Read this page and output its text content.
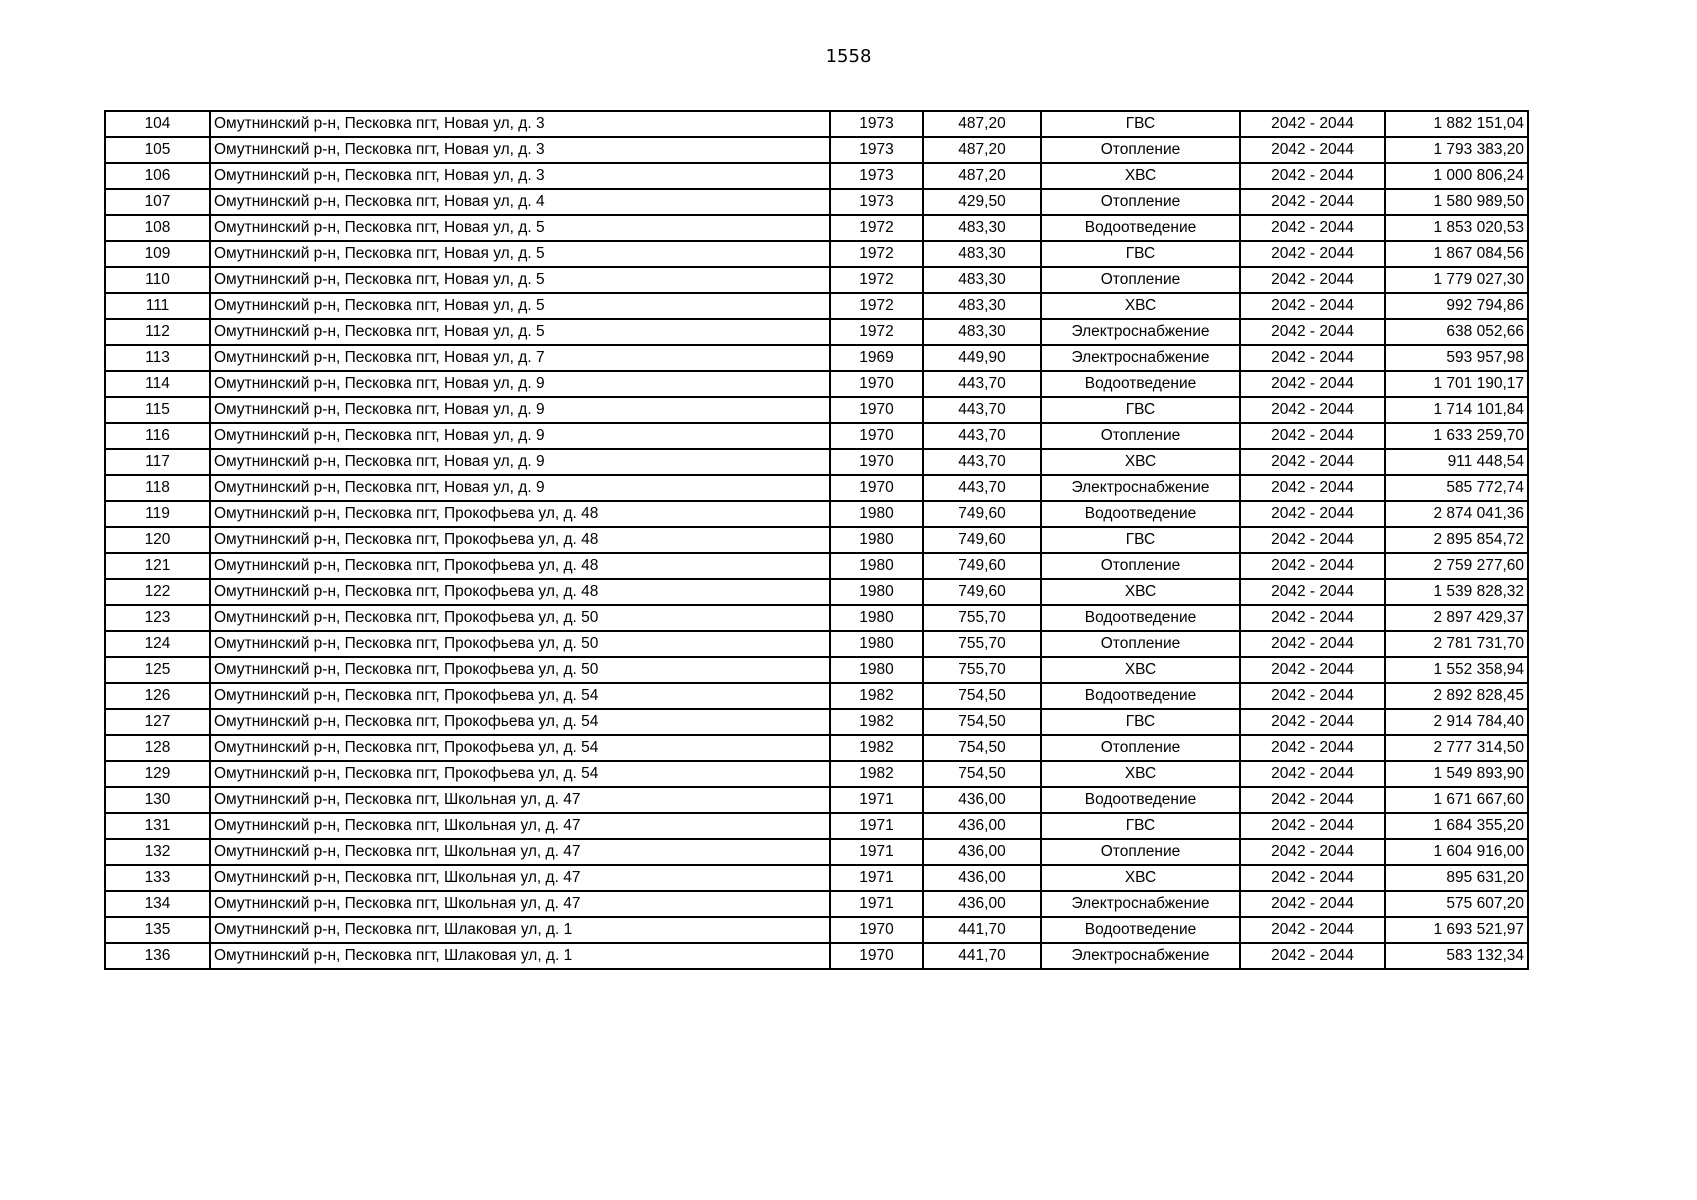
1558
104	Омутнинский р-н, Песковка пгт, Новая ул, д. 3	1973	487,20	ГВС	2042 - 2044	1 882 151,04
105	Омутнинский р-н, Песковка пгт, Новая ул, д. 3	1973	487,20	Отопление	2042 - 2044	1 793 383,20
106	Омутнинский р-н, Песковка пгт, Новая ул, д. 3	1973	487,20	ХВС	2042 - 2044	1 000 806,24
107	Омутнинский р-н, Песковка пгт, Новая ул, д. 4	1973	429,50	Отопление	2042 - 2044	1 580 989,50
108	Омутнинский р-н, Песковка пгт, Новая ул, д. 5	1972	483,30	Водоотведение	2042 - 2044	1 853 020,53
109	Омутнинский р-н, Песковка пгт, Новая ул, д. 5	1972	483,30	ГВС	2042 - 2044	1 867 084,56
110	Омутнинский р-н, Песковка пгт, Новая ул, д. 5	1972	483,30	Отопление	2042 - 2044	1 779 027,30
111	Омутнинский р-н, Песковка пгт, Новая ул, д. 5	1972	483,30	ХВС	2042 - 2044	992 794,86
112	Омутнинский р-н, Песковка пгт, Новая ул, д. 5	1972	483,30	Электроснабжение	2042 - 2044	638 052,66
113	Омутнинский р-н, Песковка пгт, Новая ул, д. 7	1969	449,90	Электроснабжение	2042 - 2044	593 957,98
114	Омутнинский р-н, Песковка пгт, Новая ул, д. 9	1970	443,70	Водоотведение	2042 - 2044	1 701 190,17
115	Омутнинский р-н, Песковка пгт, Новая ул, д. 9	1970	443,70	ГВС	2042 - 2044	1 714 101,84
116	Омутнинский р-н, Песковка пгт, Новая ул, д. 9	1970	443,70	Отопление	2042 - 2044	1 633 259,70
117	Омутнинский р-н, Песковка пгт, Новая ул, д. 9	1970	443,70	ХВС	2042 - 2044	911 448,54
118	Омутнинский р-н, Песковка пгт, Новая ул, д. 9	1970	443,70	Электроснабжение	2042 - 2044	585 772,74
119	Омутнинский р-н, Песковка пгт, Прокофьева ул, д. 48	1980	749,60	Водоотведение	2042 - 2044	2 874 041,36
120	Омутнинский р-н, Песковка пгт, Прокофьева ул, д. 48	1980	749,60	ГВС	2042 - 2044	2 895 854,72
121	Омутнинский р-н, Песковка пгт, Прокофьева ул, д. 48	1980	749,60	Отопление	2042 - 2044	2 759 277,60
122	Омутнинский р-н, Песковка пгт, Прокофьева ул, д. 48	1980	749,60	ХВС	2042 - 2044	1 539 828,32
123	Омутнинский р-н, Песковка пгт, Прокофьева ул, д. 50	1980	755,70	Водоотведение	2042 - 2044	2 897 429,37
124	Омутнинский р-н, Песковка пгт, Прокофьева ул, д. 50	1980	755,70	Отопление	2042 - 2044	2 781 731,70
125	Омутнинский р-н, Песковка пгт, Прокофьева ул, д. 50	1980	755,70	ХВС	2042 - 2044	1 552 358,94
126	Омутнинский р-н, Песковка пгт, Прокофьева ул, д. 54	1982	754,50	Водоотведение	2042 - 2044	2 892 828,45
127	Омутнинский р-н, Песковка пгт, Прокофьева ул, д. 54	1982	754,50	ГВС	2042 - 2044	2 914 784,40
128	Омутнинский р-н, Песковка пгт, Прокофьева ул, д. 54	1982	754,50	Отопление	2042 - 2044	2 777 314,50
129	Омутнинский р-н, Песковка пгт, Прокофьева ул, д. 54	1982	754,50	ХВС	2042 - 2044	1 549 893,90
130	Омутнинский р-н, Песковка пгт, Школьная ул, д. 47	1971	436,00	Водоотведение	2042 - 2044	1 671 667,60
131	Омутнинский р-н, Песковка пгт, Школьная ул, д. 47	1971	436,00	ГВС	2042 - 2044	1 684 355,20
132	Омутнинский р-н, Песковка пгт, Школьная ул, д. 47	1971	436,00	Отопление	2042 - 2044	1 604 916,00
133	Омутнинский р-н, Песковка пгт, Школьная ул, д. 47	1971	436,00	ХВС	2042 - 2044	895 631,20
134	Омутнинский р-н, Песковка пгт, Школьная ул, д. 47	1971	436,00	Электроснабжение	2042 - 2044	575 607,20
135	Омутнинский р-н, Песковка пгт, Шлаковая ул, д. 1	1970	441,70	Водоотведение	2042 - 2044	1 693 521,97
136	Омутнинский р-н, Песковка пгт, Шлаковая ул, д. 1	1970	441,70	Электроснабжение	2042 - 2044	583 132,34
